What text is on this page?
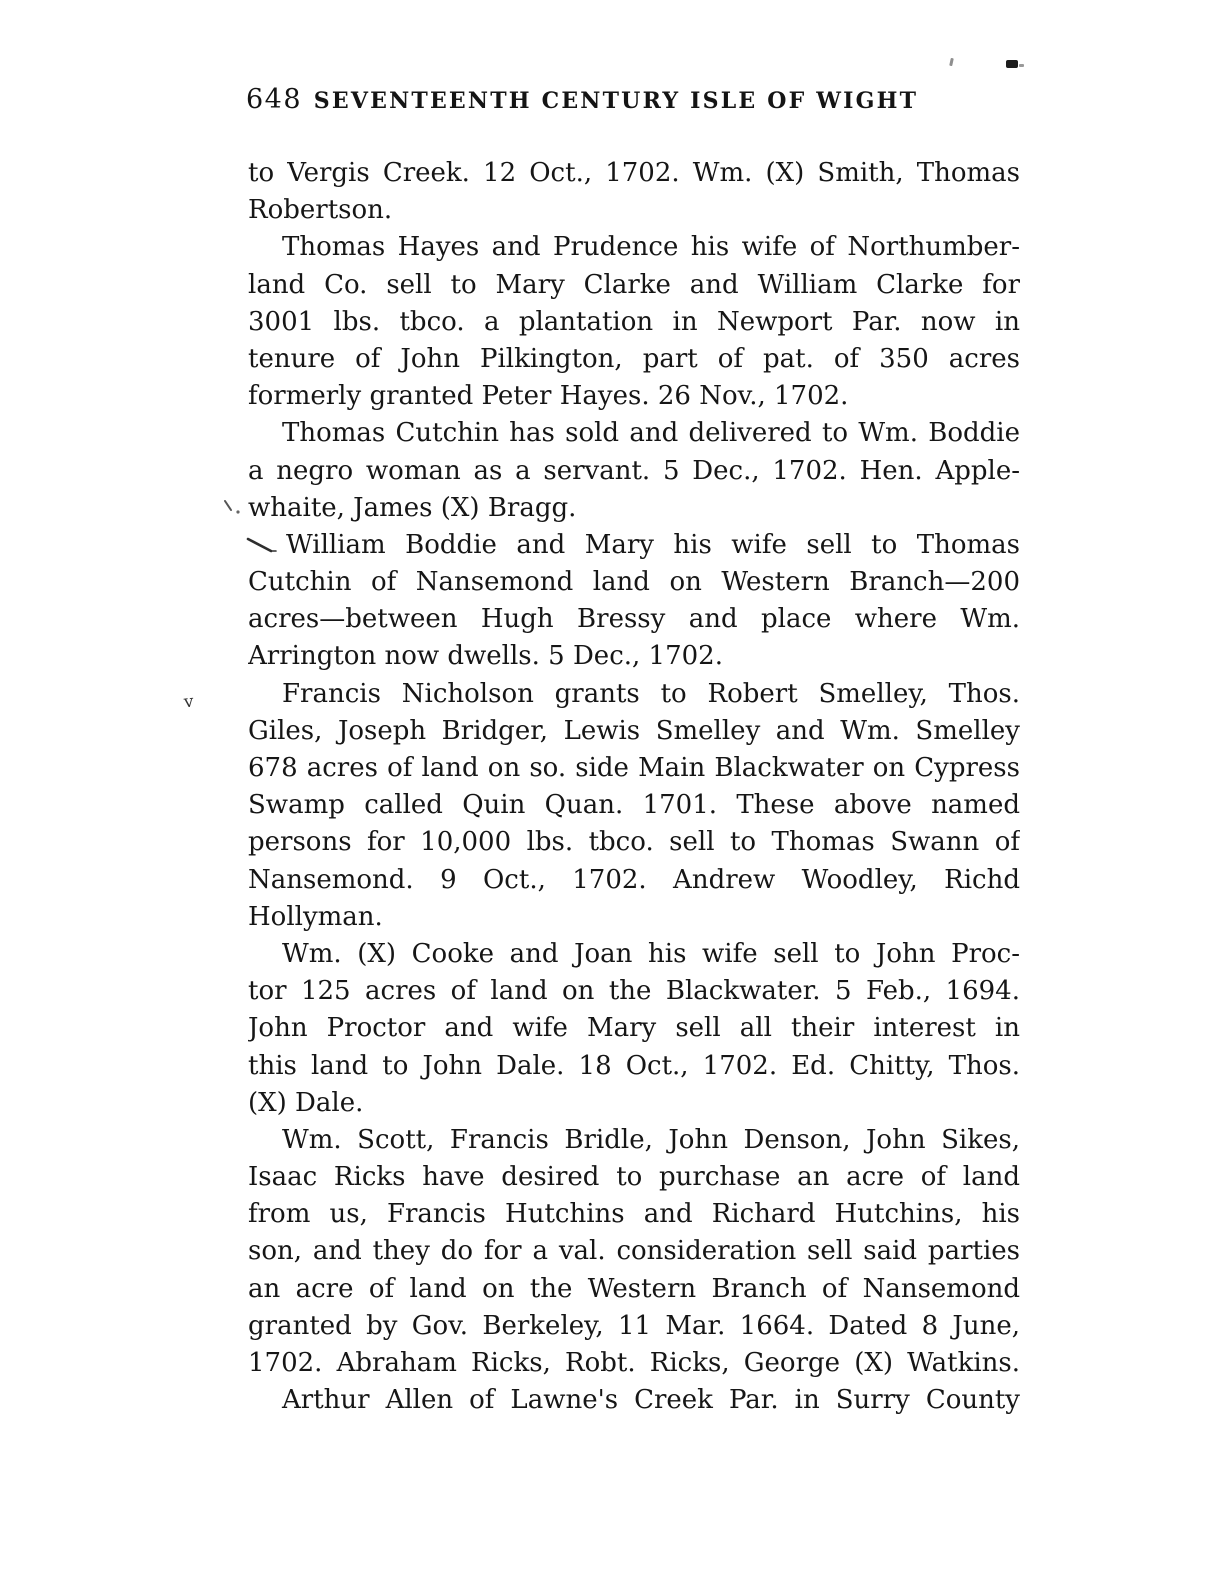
648 SEVENTEENTH CENTURY ISLE OF WIGHT
to Vergis Creek. 12 Oct., 1702. Wm. (X) Smith, Thomas
Robertson.
Thomas Hayes and Prudence his wife of Northumber-
land Co. sell to Mary Clarke and William Clarke for
3001 lbs. tbco. a plantation in Newport Par. now in
tenure of John Pilkington, part of pat. of 350 acres
formerly granted Peter Hayes. 26 Nov., 1702.
Thomas Cutchin has sold and delivered to Wm. Boddie
a negro woman as a servant. 5 Dec., 1702. Hen. Apple-
whaite, James (X) Bragg.
William Boddie and Mary his wife sell to Thomas
Cutchin of Nansemond land on Western Branch—200
acres—between Hugh Bressy and place where Wm.
Arrington now dwells. 5 Dec., 1702.
Francis Nicholson grants to Robert Smelley, Thos.
Giles, Joseph Bridger, Lewis Smelley and Wm. Smelley
678 acres of land on so. side Main Blackwater on Cypress
Swamp called Quin Quan. 1701. These above named
persons for 10,000 lbs. tbco. sell to Thomas Swann of
Nansemond. 9 Oct., 1702. Andrew Woodley, Richd
Hollyman.
Wm. (X) Cooke and Joan his wife sell to John Proc-
tor 125 acres of land on the Blackwater. 5 Feb., 1694.
John Proctor and wife Mary sell all their interest in
this land to John Dale. 18 Oct., 1702. Ed. Chitty, Thos.
(X) Dale.
Wm. Scott, Francis Bridle, John Denson, John Sikes,
Isaac Ricks have desired to purchase an acre of land
from us, Francis Hutchins and Richard Hutchins, his
son, and they do for a val. consideration sell said parties
an acre of land on the Western Branch of Nansemond
granted by Gov. Berkeley, 11 Mar. 1664. Dated 8 June,
1702. Abraham Ricks, Robt. Ricks, George (X) Watkins.
Arthur Allen of Lawne's Creek Par. in Surry County
v
